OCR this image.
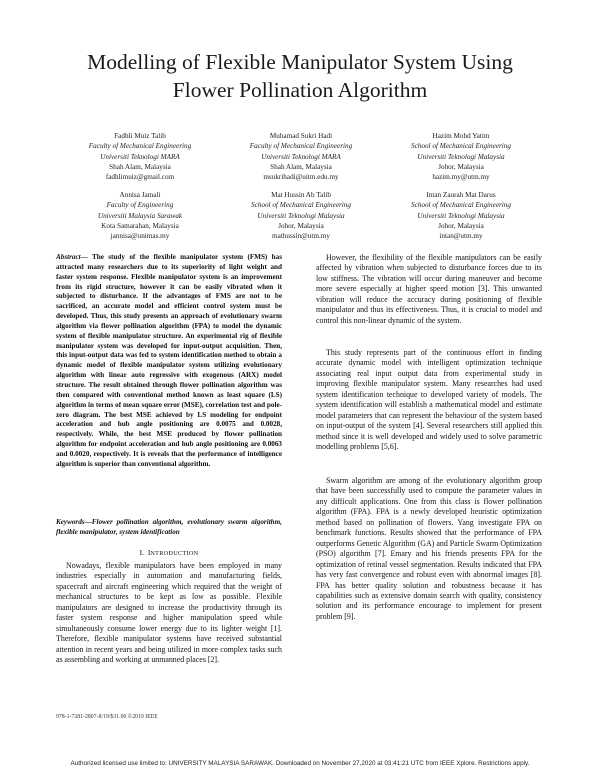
Modelling of Flexible Manipulator System Using
Flower Pollination Algorithm
Fadhli Muiz Talib
Faculty of Mechanical Engineering
Universiti Teknologi MARA
Shah Alam, Malaysia
fadhlimuiz@gmail.com
Muhamad Sukri Hadi
Faculty of Mechanical Engineering
Universiti Teknologi MARA
Shah Alam, Malaysia
msukrihadi@uitm.edu.my
Hazim Mohd Yatim
School of Mechanical Engineering
Universiti Teknologi Malaysia
Johor, Malaysia
hazim.my@utm.my
Annisa Jamali
Faculty of Engineering
Universiti Malaysia Sarawak
Kota Samarahan, Malaysia
jannisa@unimas.my
Mat Hussin Ab Talib
School of Mechanical Engineering
Universiti Teknologi Malaysia
Johor, Malaysia
mathussin@utm.my
Intan Zaurah Mat Darus
School of Mechanical Engineering
Universiti Teknologi Malaysia
Johor, Malaysia
intan@utm.my
Abstract— The study of the flexible manipulator system (FMS) has attracted many researchers due to its superiority of light weight and faster system response. Flexible manipulator system is an improvement from its rigid structure, however it can be easily vibrated when it subjected to disturbance. If the advantages of FMS are not to be sacrificed, an accurate model and efficient control system must be developed. Thus, this study presents an approach of evolutionary swarm algorithm via flower pollination algorithm (FPA) to model the dynamic system of flexible manipulator structure. An experimental rig of flexible manipulator system was developed for input-output acquisition. Then, this input-output data was fed to system identification method to obtain a dynamic model of flexible manipulator system utilizing evolutionary algorithm with linear auto regressive with exogenous (ARX) model structure. The result obtained through flower pollination algorithm was then compared with conventional method known as least square (LS) algorithm in terms of mean square error (MSE), correlation test and pole-zero diagram. The best MSE achieved by LS modeling for endpoint acceleration and hub angle positioning are 0.0075 and 0.0028, respectively. While, the best MSE produced by flower pollination algorithm for endpoint acceleration and hub angle positioning are 0.0063 and 0.0020, respectively. It is reveals that the performance of intelligence algorithm is superior than conventional algorithm.
Keywords—Flower pollination algorithm, evolutionary swarm algorithm, flexible manipulator, system identification
I. INTRODUCTION
Nowadays, flexible manipulators have been employed in many industries especially in automation and manufacturing fields, spacecraft and aircraft engineering which required that the weight of mechanical structures to be kept as low as possible. Flexible manipulators are designed to increase the productivity through its faster system response and higher manipulation speed while simultaneously consume lower energy due to its lighter weight [1]. Therefore, flexible manipulator systems have received substantial attention in recent years and being utilized in more complex tasks such as assembling and working at unmanned places [2].
However, the flexibility of the flexible manipulators can be easily affected by vibration when subjected to disturbance forces due to its low stiffness. The vibration will occur during maneuver and become more severe especially at higher speed motion [3]. This unwanted vibration will reduce the accuracy during positioning of flexible manipulator and thus its effectiveness. Thus, it is crucial to model and control this non-linear dynamic of the system.
This study represents part of the continuous effort in finding accurate dynamic model with intelligent optimization technique associating real input output data from experimental study in improving flexible manipulator system. Many researches had used system identification technique to developed variety of models. The system identification will establish a mathematical model and estimate model parameters that can represent the behaviour of the system based on input-output of the system [4]. Several researchers still applied this method since it is well developed and widely used to solve parametric modelling problems [5,6].
Swarm algorithm are among of the evolutionary algorithm group that have been successfully used to compute the parameter values in any difficult applications. One from this class is flower pollination algorithm (FPA). FPA is a newly developed heuristic optimization method based on pollination of flowers. Yang investigate FPA on benchmark functions. Results showed that the performance of FPA outperforms Genetic Algorithm (GA) and Particle Swarm Optimization (PSO) algorithm [7]. Emary and his friends presents FPA for the optimization of retinal vessel segmentation. Results indicated that FPA has very fast convergence and robust even with abnormal images [8]. FPA has better quality solution and robustness because it has capabilities such as extensive domain search with quality, consistency solution and its performance encourage to implement for present problem [9].
978-1-7281-2807-8/19/$31.00 ©2019 IEEE
Authorized licensed use limited to: UNIVERSITY MALAYSIA SARAWAK. Downloaded on November 27,2020 at 03:41:21 UTC from IEEE Xplore. Restrictions apply.
